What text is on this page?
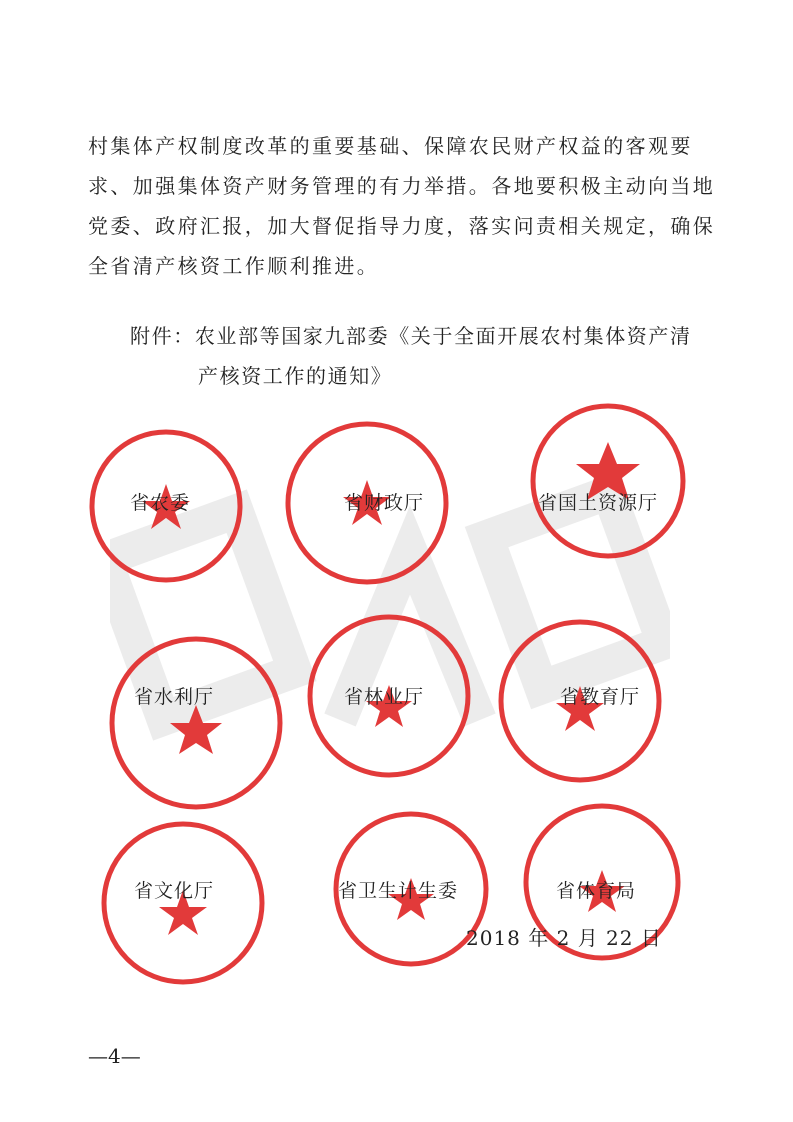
村集体产权制度改革的重要基础、保障农民财产权益的客观要
求、加强集体资产财务管理的有力举措。各地要积极主动向当地
党委、政府汇报，加大督促指导力度，落实问责相关规定，确保
全省清产核资工作顺利推进。
附件：农业部等国家九部委《关于全面开展农村集体资产清
产核资工作的通知》
省农委	省财政厅	省国土资源厅
省水利厅	省林业厅	省教育厅
省文化厅	省卫生计生委	省体育局
2018 年 2 月 22 日
—4—
